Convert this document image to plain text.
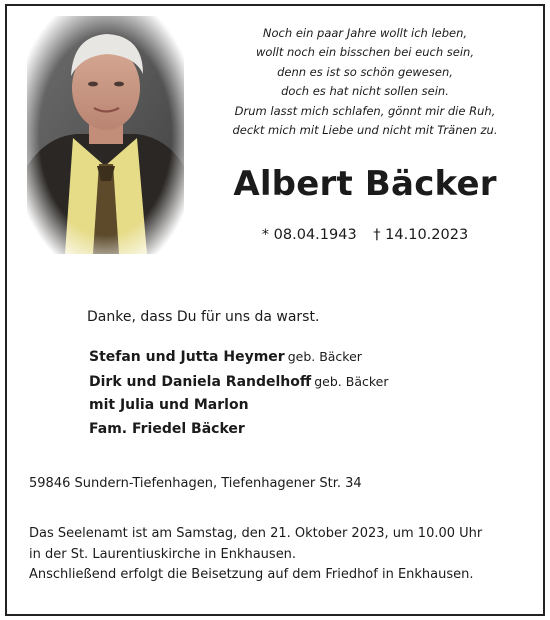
Noch ein paar Jahre wollt ich leben,
wollt noch ein bisschen bei euch sein,
denn es ist so schön gewesen,
doch es hat nicht sollen sein.
Drum lasst mich schlafen, gönnt mir die Ruh,
deckt mich mit Liebe und nicht mit Tränen zu.
Albert Bäcker
* 08.04.1943 † 14.10.2023
Danke, dass Du für uns da warst.
Stefan und Jutta Heymer geb. Bäcker
Dirk und Daniela Randelhoff geb. Bäcker
mit Julia und Marlon
Fam. Friedel Bäcker
59846 Sundern-Tiefenhagen, Tiefenhagener Str. 34
Das Seelenamt ist am Samstag, den 21. Oktober 2023, um 10.00 Uhr
in der St. Laurentiuskirche in Enkhausen.
Anschließend erfolgt die Beisetzung auf dem Friedhof in Enkhausen.
